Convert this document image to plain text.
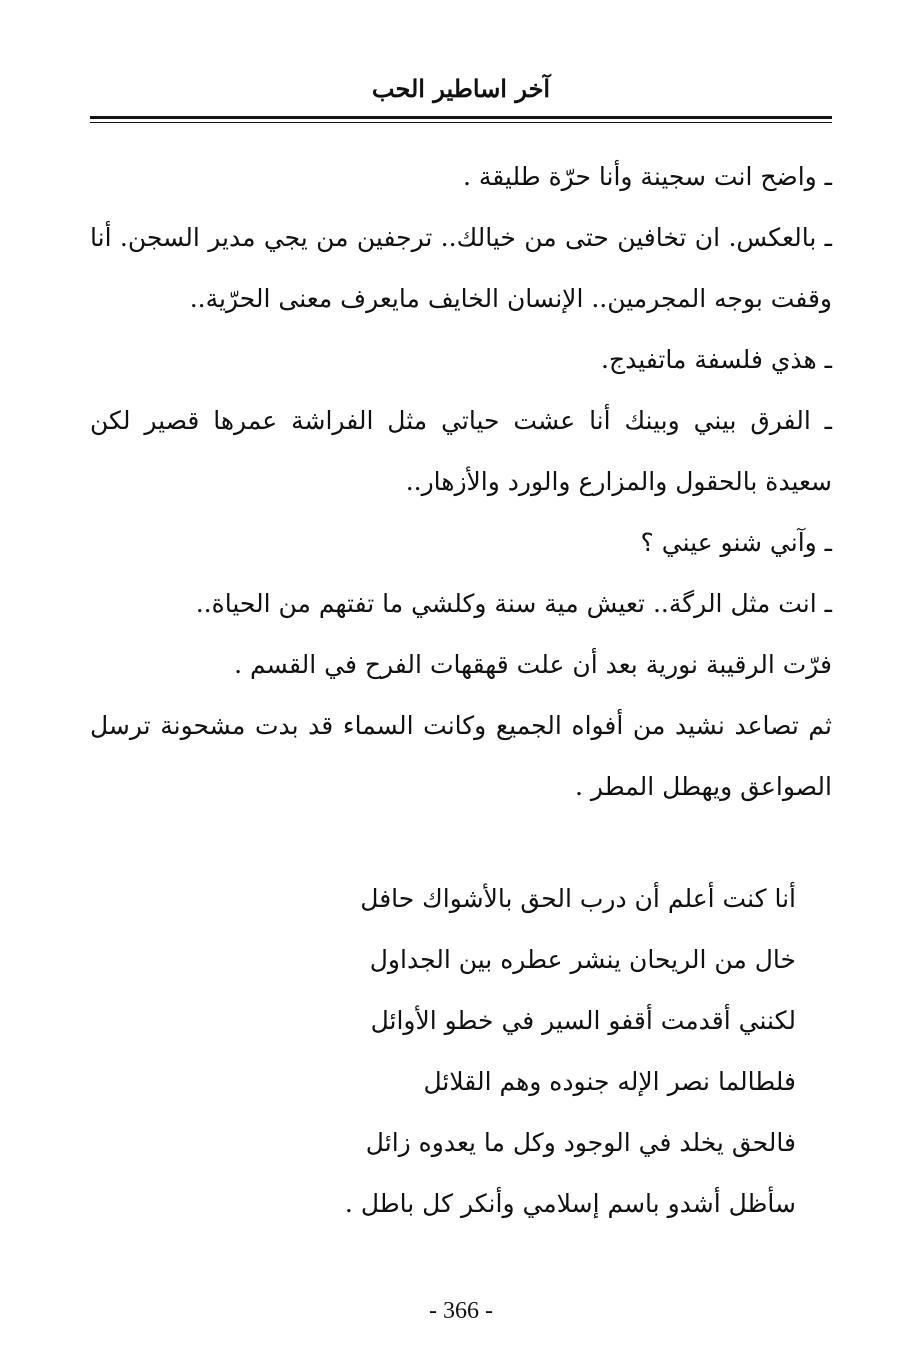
آخر اساطير الحب

ـ واضح انت سجينة وأنا حرّة طليقة .

ـ بالعكس. ان تخافين حتى من خيالك.. ترجفين من يجي مدير السجن. أنا وقفت بوجه المجرمين.. الإنسان الخايف مايعرف معنى الحرّية..

ـ هذي فلسفة ماتفيدج.

ـ الفرق بيني وبينك أنا عشت حياتي مثل الفراشة عمرها قصير لكن سعيدة بالحقول والمزارع والورد والأزهار..

ـ وآني شنو عيني ؟

ـ انت مثل الرگة.. تعيش مية سنة وكلشي ما تفتهم من الحياة..

فرّت الرقيبة نورية بعد أن علت قهقهات الفرح في القسم .

ثم تصاعد نشيد من أفواه الجميع وكانت السماء قد بدت مشحونة ترسل الصواعق ويهطل المطر .

أنا كنت أعلم أن درب الحق بالأشواك حافل

خال من الريحان ينشر عطره بين الجداول

لكنني أقدمت أقفو السير في خطو الأوائل

فلطالما نصر الإله جنوده وهم القلائل

فالحق يخلد في الوجود وكل ما يعدوه زائل

سأظل أشدو باسم إسلامي وأنكر كل باطل .

- 366 -
